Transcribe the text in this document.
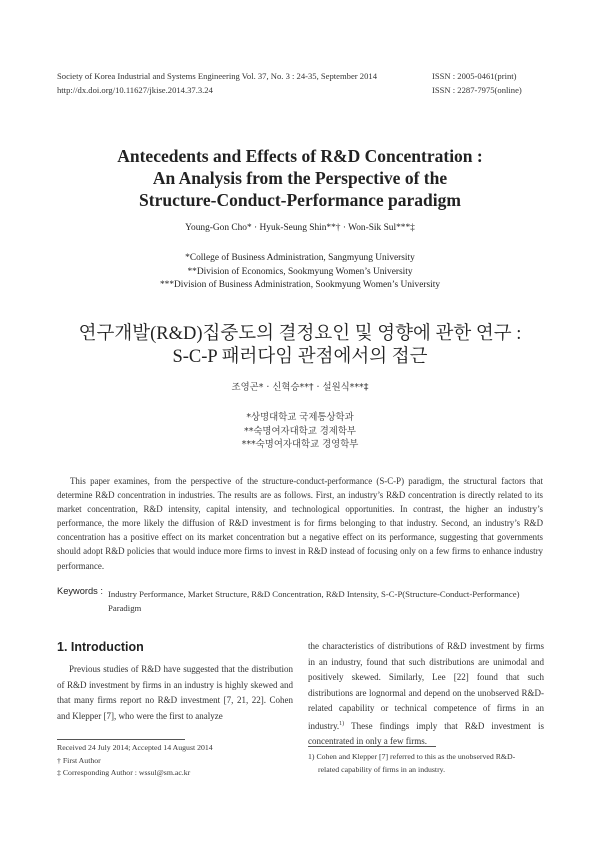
Society of Korea Industrial and Systems Engineering Vol. 37, No. 3 : 24-35, September 2014
http://dx.doi.org/10.11627/jkise.2014.37.3.24
ISSN : 2005-0461(print)
ISSN : 2287-7975(online)
Antecedents and Effects of R&D Concentration :
An Analysis from the Perspective of the
Structure-Conduct-Performance paradigm
Young-Gon Cho* · Hyuk-Seung Shin**† · Won-Sik Sul***‡
*College of Business Administration, Sangmyung University
**Division of Economics, Sookmyung Women’s University
***Division of Business Administration, Sookmyung Women’s University
연구개발(R&D)집중도의 결정요인 및 영향에 관한 연구 :
S-C-P 패러다임 관점에서의 접근
조영곤* · 신혁승**† · 설원식***‡
*상명대학교 국제통상학과
**숙명여자대학교 경제학부
***숙명여자대학교 경영학부
This paper examines, from the perspective of the structure-conduct-performance (S-C-P) paradigm, the structural factors that determine R&D concentration in industries. The results are as follows. First, an industry’s R&D concentration is directly related to its market concentration, R&D intensity, capital intensity, and technological opportunities. In contrast, the higher an industry’s performance, the more likely the diffusion of R&D investment is for firms belonging to that industry. Second, an industry’s R&D concentration has a positive effect on its market concentration but a negative effect on its performance, suggesting that governments should adopt R&D policies that would induce more firms to invest in R&D instead of focusing only on a few firms to enhance industry performance.
Keywords : Industry Performance, Market Structure, R&D Concentration, R&D Intensity, S-C-P(Structure-Conduct-Performance)
Paradigm
1. Introduction
Previous studies of R&D have suggested that the distribution of R&D investment by firms in an industry is highly skewed and that many firms report no R&D investment [7, 21, 22]. Cohen and Klepper [7], who were the first to analyze
the characteristics of distributions of R&D investment by firms in an industry, found that such distributions are unimodal and positively skewed. Similarly, Lee [22] found that such distributions are lognormal and depend on the unobserved R&D-related capability or technical competence of firms in an industry.$^{1)}$ These findings imply that R&D investment is concentrated in only a few firms.
Received 24 July 2014; Accepted 14 August 2014
† First Author
‡ Corresponding Author : wssul@sm.ac.kr
1) Cohen and Klepper [7] referred to this as the unobserved R&D-
related capability of firms in an industry.
